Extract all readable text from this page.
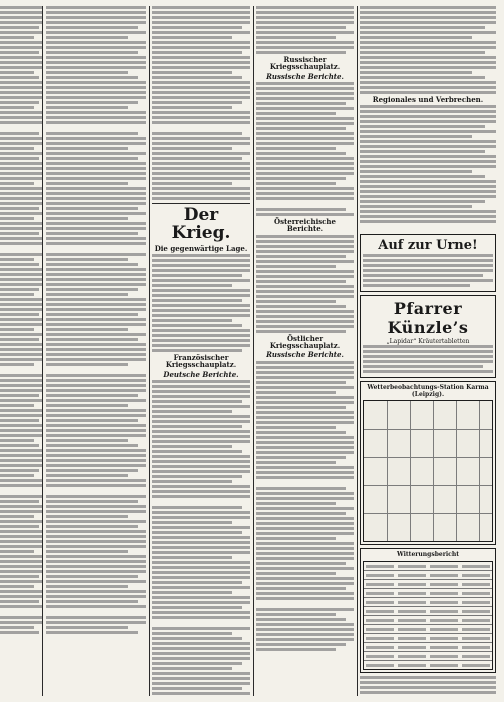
Der Krieg.
Die gegenwärtige Lage.
Französischer Kriegsschauplatz.
Deutsche Berichte.
Russischer Kriegsschauplatz.
Russische Berichte.
Österreichische Berichte.
Östlicher Kriegsschauplatz.
Russische Berichte.
Regionales und Verbrechen.
Auf zur Urne!
Pfarrer Künzle’s
„Lapidar“ Kräutertabletten
Wetterbeobachtungs-Station Karma (Leipzig).
Witterungsbericht
